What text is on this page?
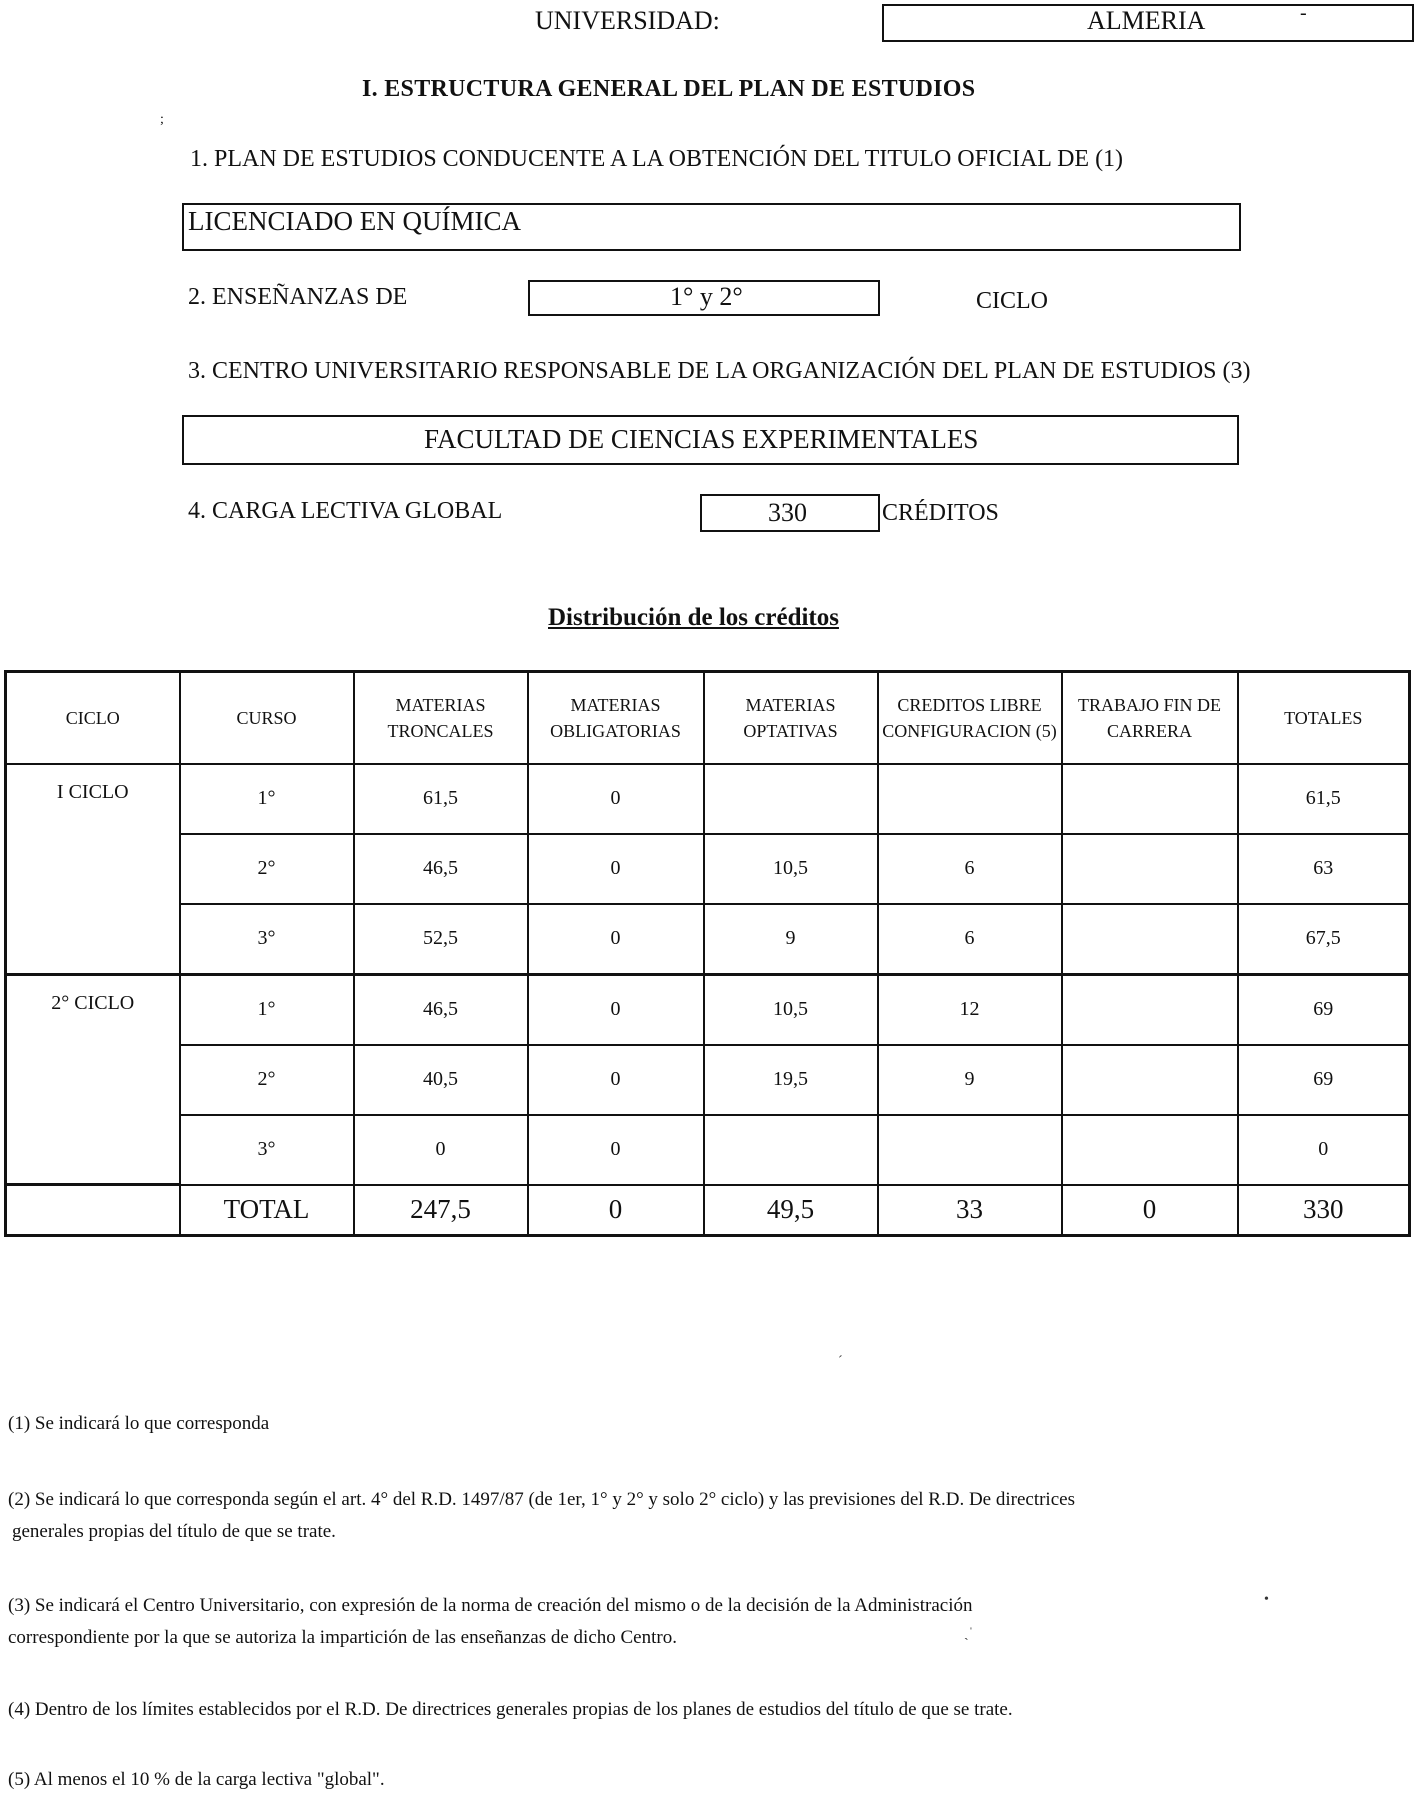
UNIVERSIDAD:	ALMERIA	-
I. ESTRUCTURA GENERAL DEL PLAN DE ESTUDIOS
;
1. PLAN DE ESTUDIOS CONDUCENTE A LA OBTENCIÓN DEL TITULO OFICIAL DE (1)
LICENCIADO EN QUÍMICA
2. ENSEÑANZAS DE	1° y 2°	CICLO
3. CENTRO UNIVERSITARIO RESPONSABLE DE LA ORGANIZACIÓN DEL PLAN DE ESTUDIOS (3)
FACULTAD DE CIENCIAS EXPERIMENTALES
4. CARGA LECTIVA GLOBAL	330	CRÉDITOS
Distribución de los créditos
CICLO	CURSO	MATERIAS TRONCALES	MATERIAS OBLIGATORIAS	MATERIAS OPTATIVAS	CREDITOS LIBRE CONFIGURACION (5)	TRABAJO FIN DE CARRERA	TOTALES
I CICLO	1°	61,5	0				61,5
	2°	46,5	0	10,5	6		63
	3°	52,5	0	9	6		67,5
2° CICLO	1°	46,5	0	10,5	12		69
	2°	40,5	0	19,5	9		69
	3°	0	0				0
	TOTAL	247,5	0	49,5	33	0	330
(1) Se indicará lo que corresponda
(2) Se indicará lo que corresponda según el art. 4° del R.D. 1497/87 (de 1er, 1° y 2° y solo 2° ciclo) y las previsiones del R.D. De directrices
generales propias del título de que se trate.
(3) Se indicará el Centro Universitario, con expresión de la norma de creación del mismo o de la decisión de la Administración
correspondiente por la que se autoriza la impartición de las enseñanzas de dicho Centro.
(4) Dentro de los límites establecidos por el R.D. De directrices generales propias de los planes de estudios del título de que se trate.
(5) Al menos el 10 % de la carga lectiva "global".
ˊ
•
ˏˈ
